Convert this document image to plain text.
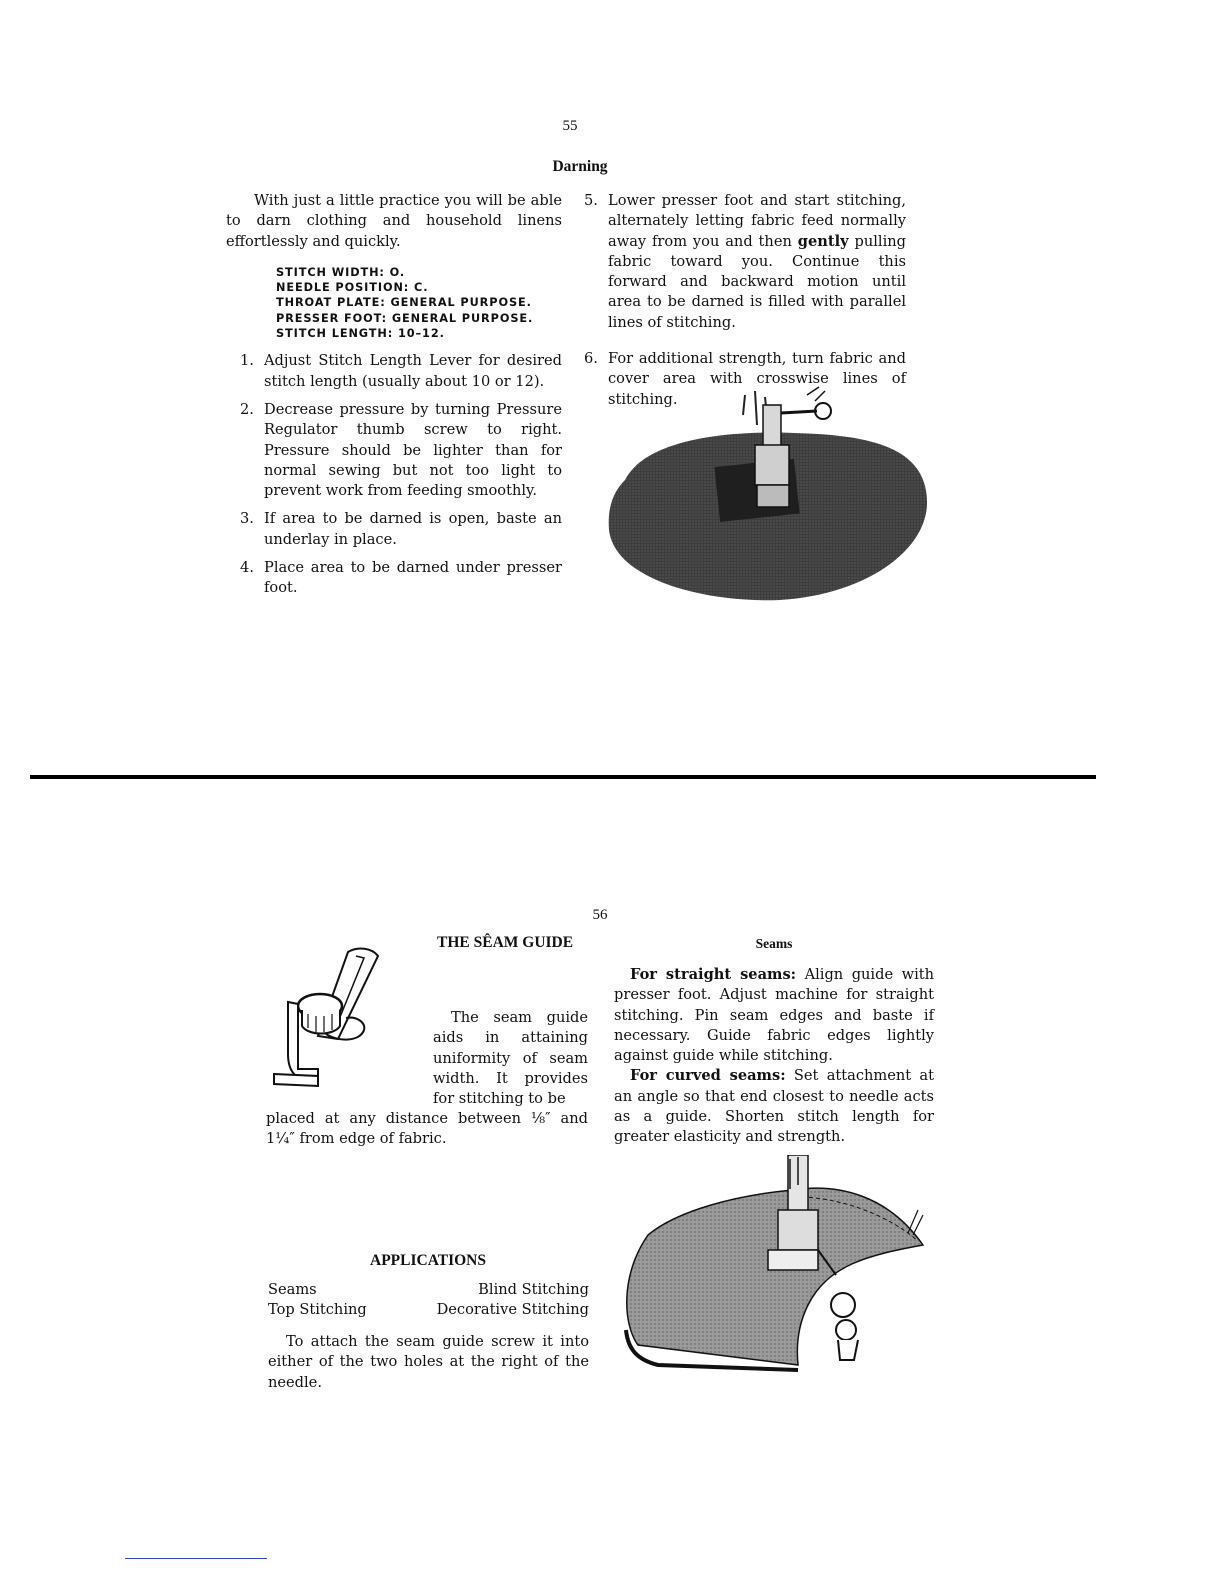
55
Darning

With just a little practice you will be able to darn clothing and household linens effortlessly and quickly.

STITCH WIDTH: O.
NEEDLE POSITION: C.
THROAT PLATE: GENERAL PURPOSE.
PRESSER FOOT: GENERAL PURPOSE.
STITCH LENGTH: 10–12.
1. Adjust Stitch Length Lever for desired stitch length (usually about 10 or 12).
2. Decrease pressure by turning Pressure Regulator thumb screw to right. Pressure should be lighter than for normal sewing but not too light to prevent work from feeding smoothly.
3. If area to be darned is open, baste an underlay in place.
4. Place area to be darned under presser foot.
5. Lower presser foot and start stitching, alternately letting fabric feed normally away from you and then gently pulling fabric toward you. Continue this forward and backward motion until area to be darned is filled with parallel lines of stitching.
6. For additional strength, turn fabric and cover area with crosswise lines of stitching.
56
THE SÊAM GUIDE
The seam guide aids in attaining uniformity of seam width. It provides for stitching to be
placed at any distance between ⅛″ and 1¼″ from edge of fabric.
APPLICATIONS
Seams	Blind Stitching
Top Stitching	Decorative Stitching
To attach the seam guide screw it into either of the two holes at the right of the needle.
Seams
For straight seams: Align guide with presser foot. Adjust machine for straight stitching. Pin seam edges and baste if necessary. Guide fabric edges lightly against guide while stitching.
For curved seams: Set attachment at an angle so that end closest to needle acts as a guide. Shorten stitch length for greater elasticity and strength.
